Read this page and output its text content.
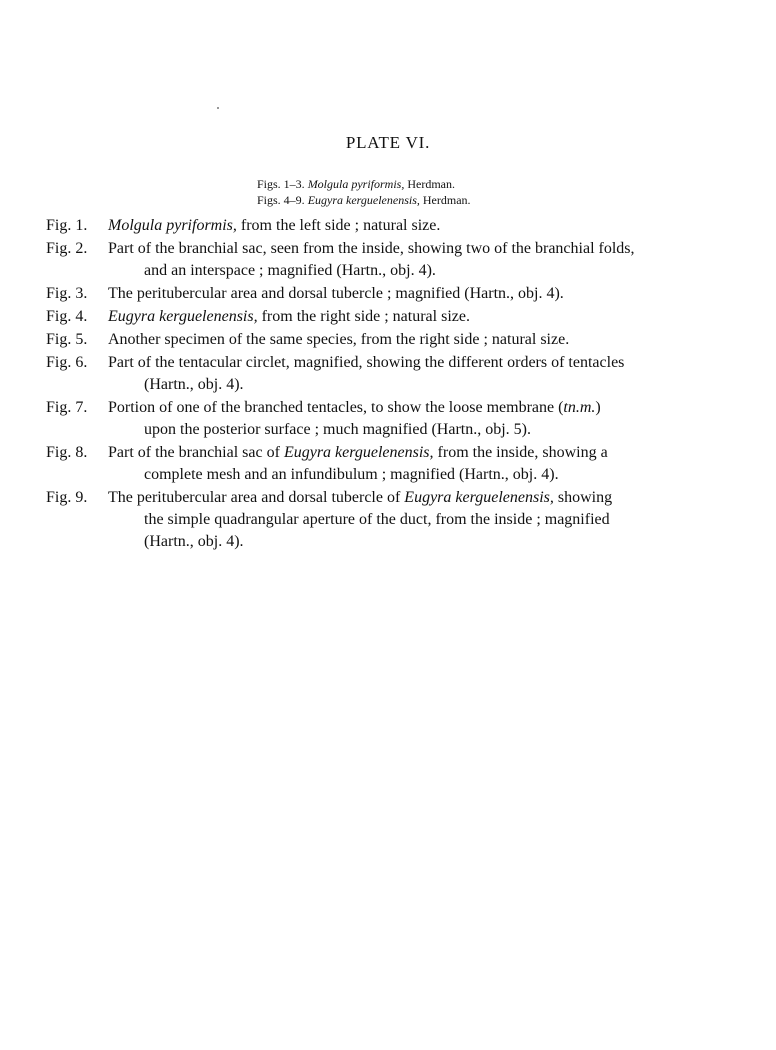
PLATE VI.
Figs. 1–3. Molgula pyriformis, Herdman.
Figs. 4–9. Eugyra kerguelenensis, Herdman.
Fig. 1. Molgula pyriformis, from the left side ; natural size.
Fig. 2. Part of the branchial sac, seen from the inside, showing two of the branchial folds,
and an interspace ; magnified (Hartn., obj. 4).
Fig. 3. The peritubercular area and dorsal tubercle ; magnified (Hartn., obj. 4).
Fig. 4. Eugyra kerguelenensis, from the right side ; natural size.
Fig. 5. Another specimen of the same species, from the right side ; natural size.
Fig. 6. Part of the tentacular circlet, magnified, showing the different orders of tentacles
(Hartn., obj. 4).
Fig. 7. Portion of one of the branched tentacles, to show the loose membrane (tn.m.)
upon the posterior surface ; much magnified (Hartn., obj. 5).
Fig. 8. Part of the branchial sac of Eugyra kerguelenensis, from the inside, showing a
complete mesh and an infundibulum ; magnified (Hartn., obj. 4).
Fig. 9. The peritubercular area and dorsal tubercle of Eugyra kerguelenensis, showing
the simple quadrangular aperture of the duct, from the inside ; magnified
(Hartn., obj. 4).
